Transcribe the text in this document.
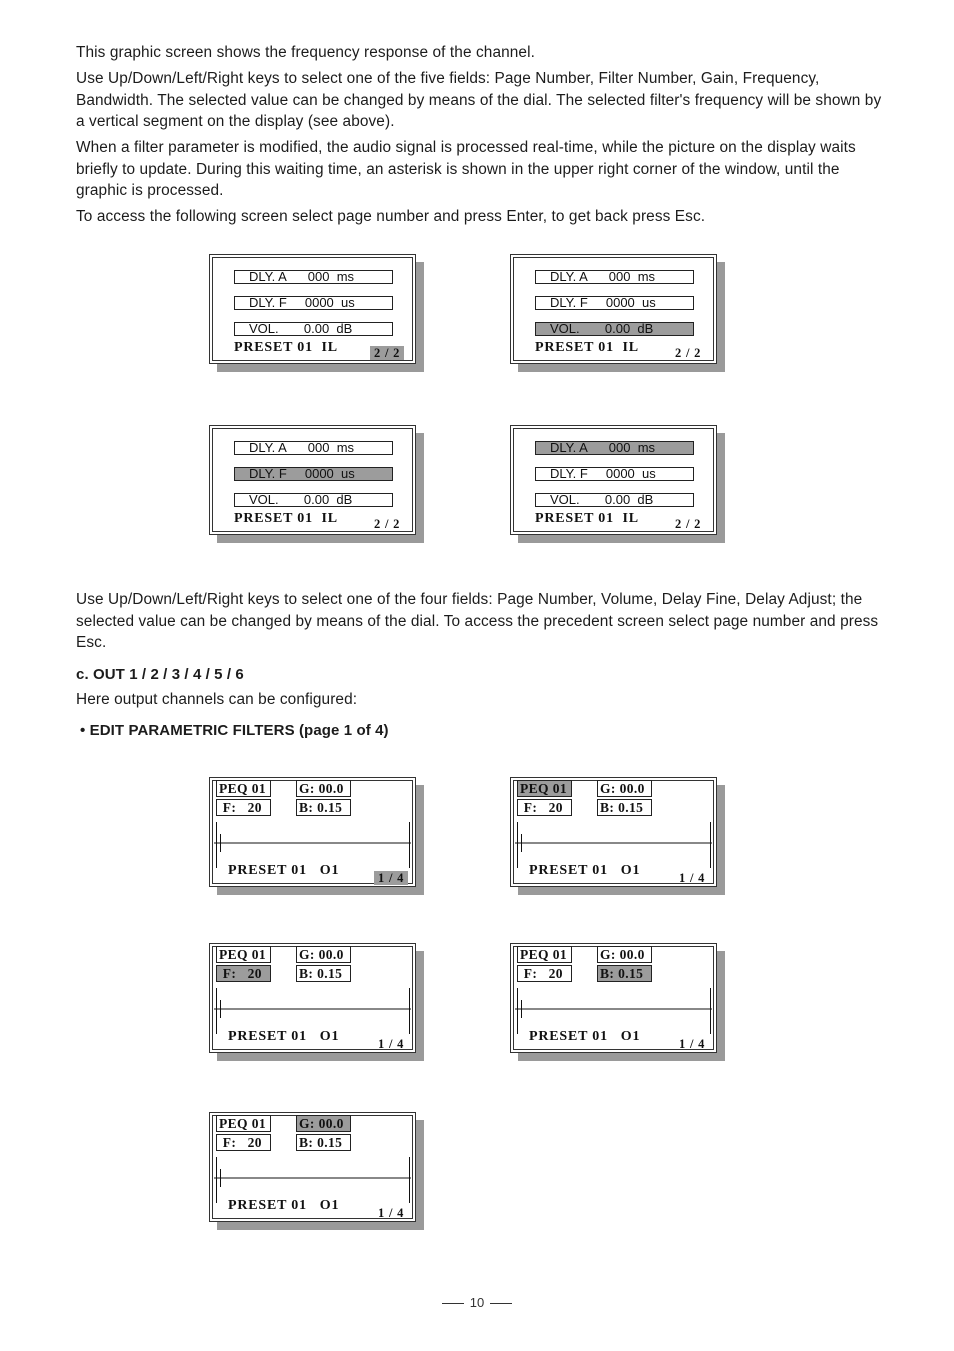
This graphic screen shows the frequency response of the channel.

Use Up/Down/Left/Right keys to select one of the five fields: Page Number, Filter Number, Gain, Frequency, Bandwidth. The selected value can be changed by means of the dial. The selected filter's frequency will be shown by a vertical segment on the display (see above).

When a filter parameter is modified, the audio signal is processed real-time, while the picture on the display waits briefly to update. During this waiting time, an asterisk is shown in the upper right corner of the window, until the graphic is processed.

To access the following screen select page number and press Enter, to get back press Esc.

DLY. A      000  ms
DLY. F     0000  us
VOL.       0.00  dB
PRESET 01  IL	2 / 2
DLY. A      000  ms
DLY. F     0000  us
VOL.       0.00  dB
PRESET 01  IL	2 / 2
DLY. A      000  ms
DLY. F     0000  us
VOL.       0.00  dB
PRESET 01  IL	2 / 2
DLY. A      000  ms
DLY. F     0000  us
VOL.       0.00  dB
PRESET 01  IL	2 / 2

Use Up/Down/Left/Right keys to select one of the four fields: Page Number, Volume, Delay Fine, Delay Adjust; the selected value can be changed by means of the dial. To access the precedent screen select page number and press Esc.

c. OUT 1 / 2 / 3 / 4 / 5 / 6

Here output channels can be configured:

• EDIT PARAMETRIC FILTERS (page 1 of 4)

PEQ 01
F:   20
G: 00.0
B: 0.15
PRESET 01   O1	1 / 4
PEQ 01
F:   20
G: 00.0
B: 0.15
PRESET 01   O1	1 / 4
PEQ 01
F:   20
G: 00.0
B: 0.15
PRESET 01   O1	1 / 4
PEQ 01
F:   20
G: 00.0
B: 0.15
PRESET 01   O1	1 / 4
PEQ 01
F:   20
G: 00.0
B: 0.15
PRESET 01   O1	1 / 4
10
